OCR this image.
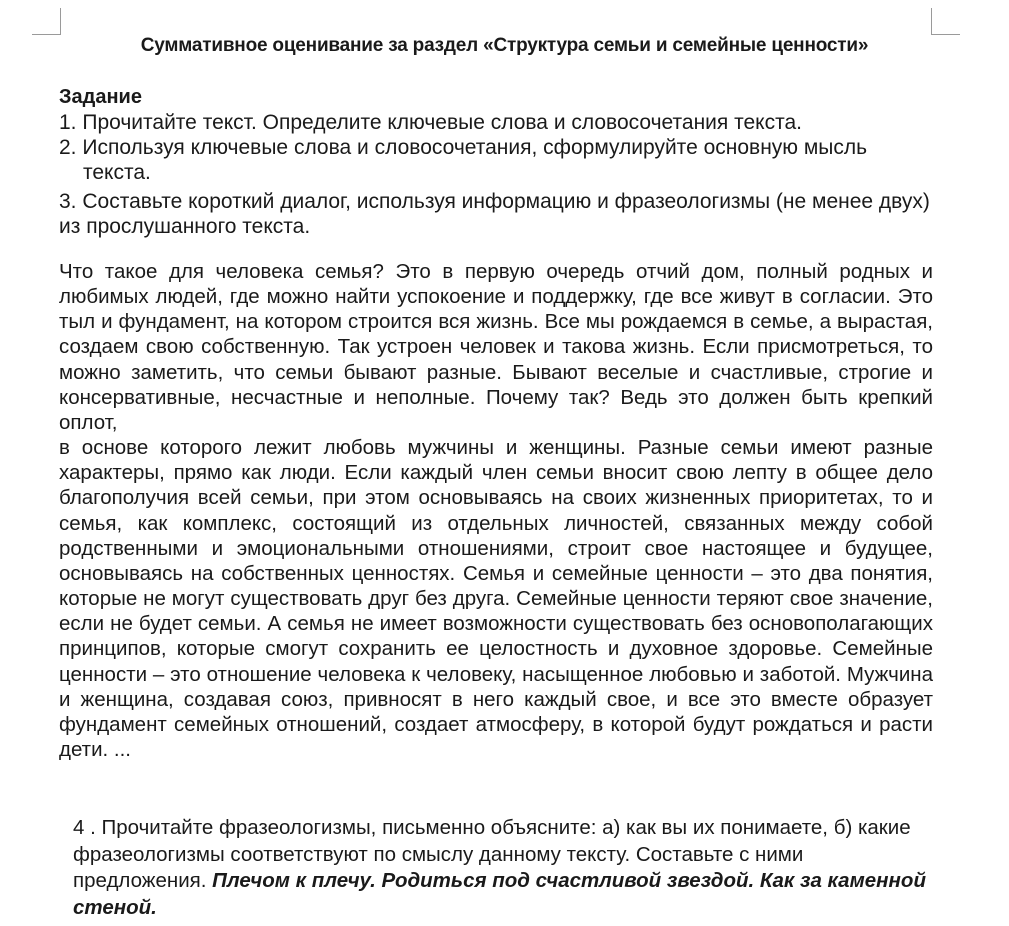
Суммативное оценивание за раздел «Структура семьи и семейные ценности»
Задание

1. Прочитайте текст. Определите ключевые слова и словосочетания текста.

2. Используя ключевые слова и словосочетания, сформулируйте основную мысль текста.

3. Составьте короткий диалог, используя информацию и фразеологизмы (не менее двух) из прослушанного текста.

Что такое для человека семья? Это в первую очередь отчий дом, полный родных и любимых людей, где можно найти успокоение и поддержку, где все живут в согласии. Это тыл и фундамент, на котором строится вся жизнь. Все мы рождаемся в семье, а вырастая, создаем свою собственную. Так устроен человек и такова жизнь. Если присмотреться, то можно заметить, что семьи бывают разные. Бывают веселые и счастливые, строгие и консервативные, несчастные и неполные. Почему так? Ведь это должен быть крепкий оплот,

в основе которого лежит любовь мужчины и женщины. Разные семьи имеют разные характеры, прямо как люди. Если каждый член семьи вносит свою лепту в общее дело благополучия всей семьи, при этом основываясь на своих жизненных приоритетах, то и семья, как комплекс, состоящий из отдельных личностей, связанных между собой родственными и эмоциональными отношениями, строит свое настоящее и будущее, основываясь на собственных ценностях. Семья и семейные ценности – это два понятия, которые не могут существовать друг без друга. Семейные ценности теряют свое значение, если не будет семьи. А семья не имеет возможности существовать без основополагающих принципов, которые смогут сохранить ее целостность и духовное здоровье. Семейные ценности – это отношение человека к человеку, насыщенное любовью и заботой. Мужчина и женщина, создавая союз, привносят в него каждый свое, и все это вместе образует фундамент семейных отношений, создает атмосферу, в которой будут рождаться и расти дети. ...

4 . Прочитайте фразеологизмы, письменно объясните: а) как вы их понимаете, б) какие фразеологизмы соответствуют по смыслу данному тексту. Составьте с ними предложения. Плечом к плечу. Родиться под счастливой звездой. Как за каменной стеной.
